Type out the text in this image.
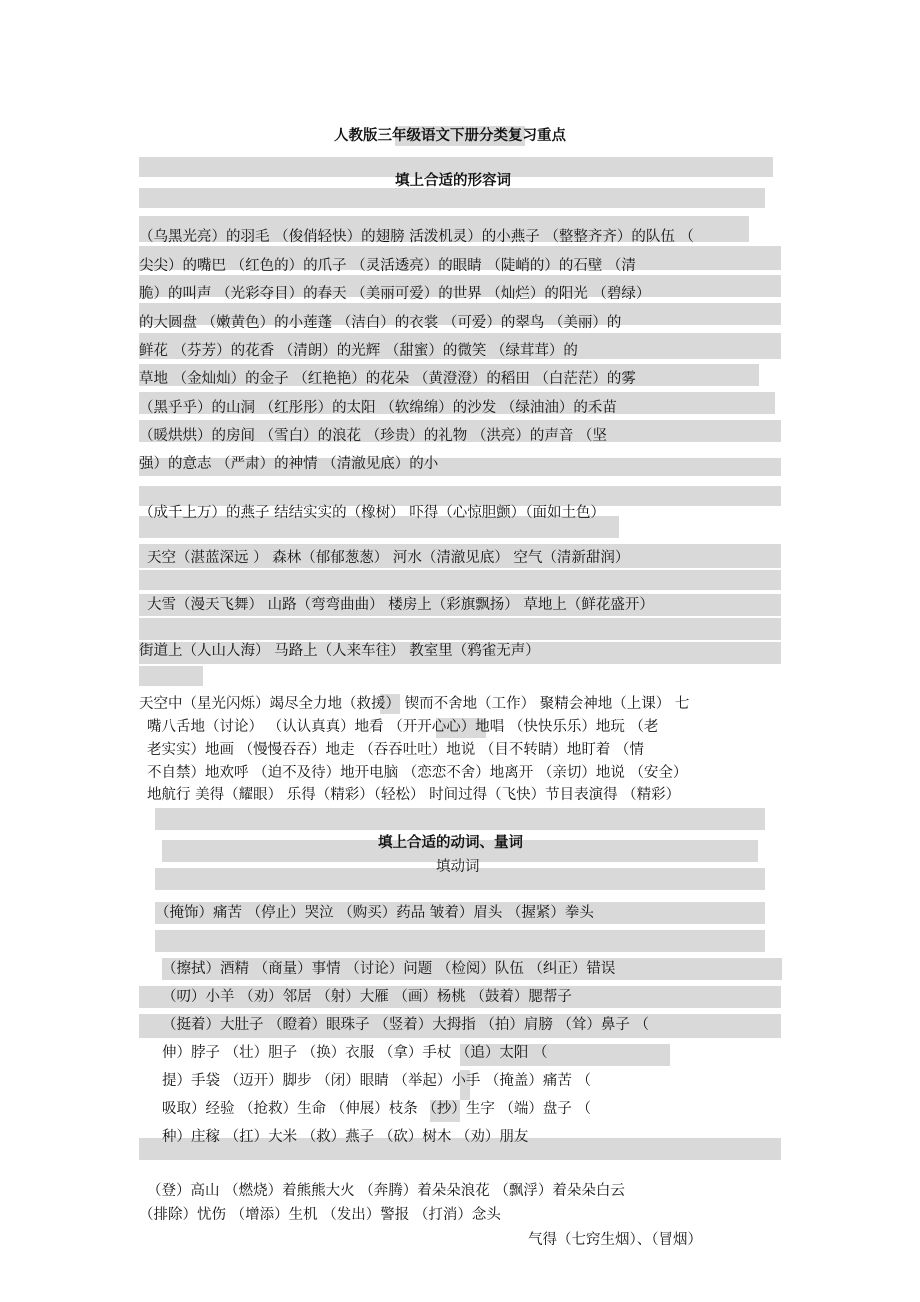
人教版三年级语文下册分类复习重点
填上合适的形容词
（乌黑光亮）的羽毛 （俊俏轻快）的翅膀 活泼机灵）的小燕子 （整整齐齐）的队伍 （
尖尖）的嘴巴 （红色的）的爪子 （灵活透亮）的眼睛 （陡峭的）的石壁 （清
脆）的叫声 （光彩夺目）的春天 （美丽可爱）的世界 （灿烂）的阳光 （碧绿）
的大圆盘 （嫩黄色）的小莲蓬 （洁白）的衣裳 （可爱）的翠鸟 （美丽）的
鲜花 （芬芳）的花香 （清朗）的光辉 （甜蜜）的微笑 （绿茸茸）的
草地 （金灿灿）的金子 （红艳艳）的花朵 （黄澄澄）的稻田 （白茫茫）的雾
（黑乎乎）的山洞 （红彤彤）的太阳 （软绵绵）的沙发 （绿油油）的禾苗
（暖烘烘）的房间 （雪白）的浪花 （珍贵）的礼物 （洪亮）的声音 （坚
强）的意志 （严肃）的神情 （清澈见底）的小
（成千上万）的燕子 结结实实的（橡树） 吓得（心惊胆颤）（面如土色）
天空（湛蓝深远 ） 森林（郁郁葱葱） 河水（清澈见底） 空气（清新甜润）
大雪（漫天飞舞） 山路（弯弯曲曲） 楼房上（彩旗飘扬） 草地上（鲜花盛开）
街道上（人山人海） 马路上（人来车往） 教室里（鸦雀无声）
天空中（星光闪烁）竭尽全力地（救援） 锲而不舍地（工作） 聚精会神地（上课） 七
嘴八舌地（讨论） （认认真真）地看 （开开心心）地唱 （快快乐乐）地玩 （老
老实实）地画 （慢慢吞吞）地走 （吞吞吐吐）地说 （目不转睛）地盯着 （情
不自禁）地欢呼 （迫不及待）地开电脑 （恋恋不舍）地离开 （亲切）地说 （安全）
地航行 美得（耀眼） 乐得（精彩）（轻松） 时间过得（飞快）节目表演得 （精彩）
填上合适的动词、量词
填动词
（掩饰）痛苦 （停止）哭泣 （购买）药品 皱着）眉头 （握紧）拳头
（擦拭）酒精 （商量）事情 （讨论）问题 （检阅）队伍 （纠正）错误
（叨）小羊 （劝）邻居 （射）大雁 （画）杨桃 （鼓着）腮帮子
（挺着）大肚子 （瞪着）眼珠子 （竖着）大拇指 （拍）肩膀 （耸）鼻子 （
伸）脖子 （壮）胆子 （换）衣服 （拿）手杖 （追）太阳 （
提）手袋 （迈开）脚步 （闭）眼睛 （举起）小手 （掩盖）痛苦 （
吸取）经验 （抢救）生命 （伸展）枝条 （抄）生字 （端）盘子 （
种）庄稼 （扛）大米 （救）燕子 （砍）树木 （劝）朋友
（登）高山 （燃烧）着熊熊大火 （奔腾）着朵朵浪花 （飘浮）着朵朵白云
（排除）忧伤 （增添）生机 （发出）警报 （打消）念头
气得（七窍生烟）、（冒烟）
